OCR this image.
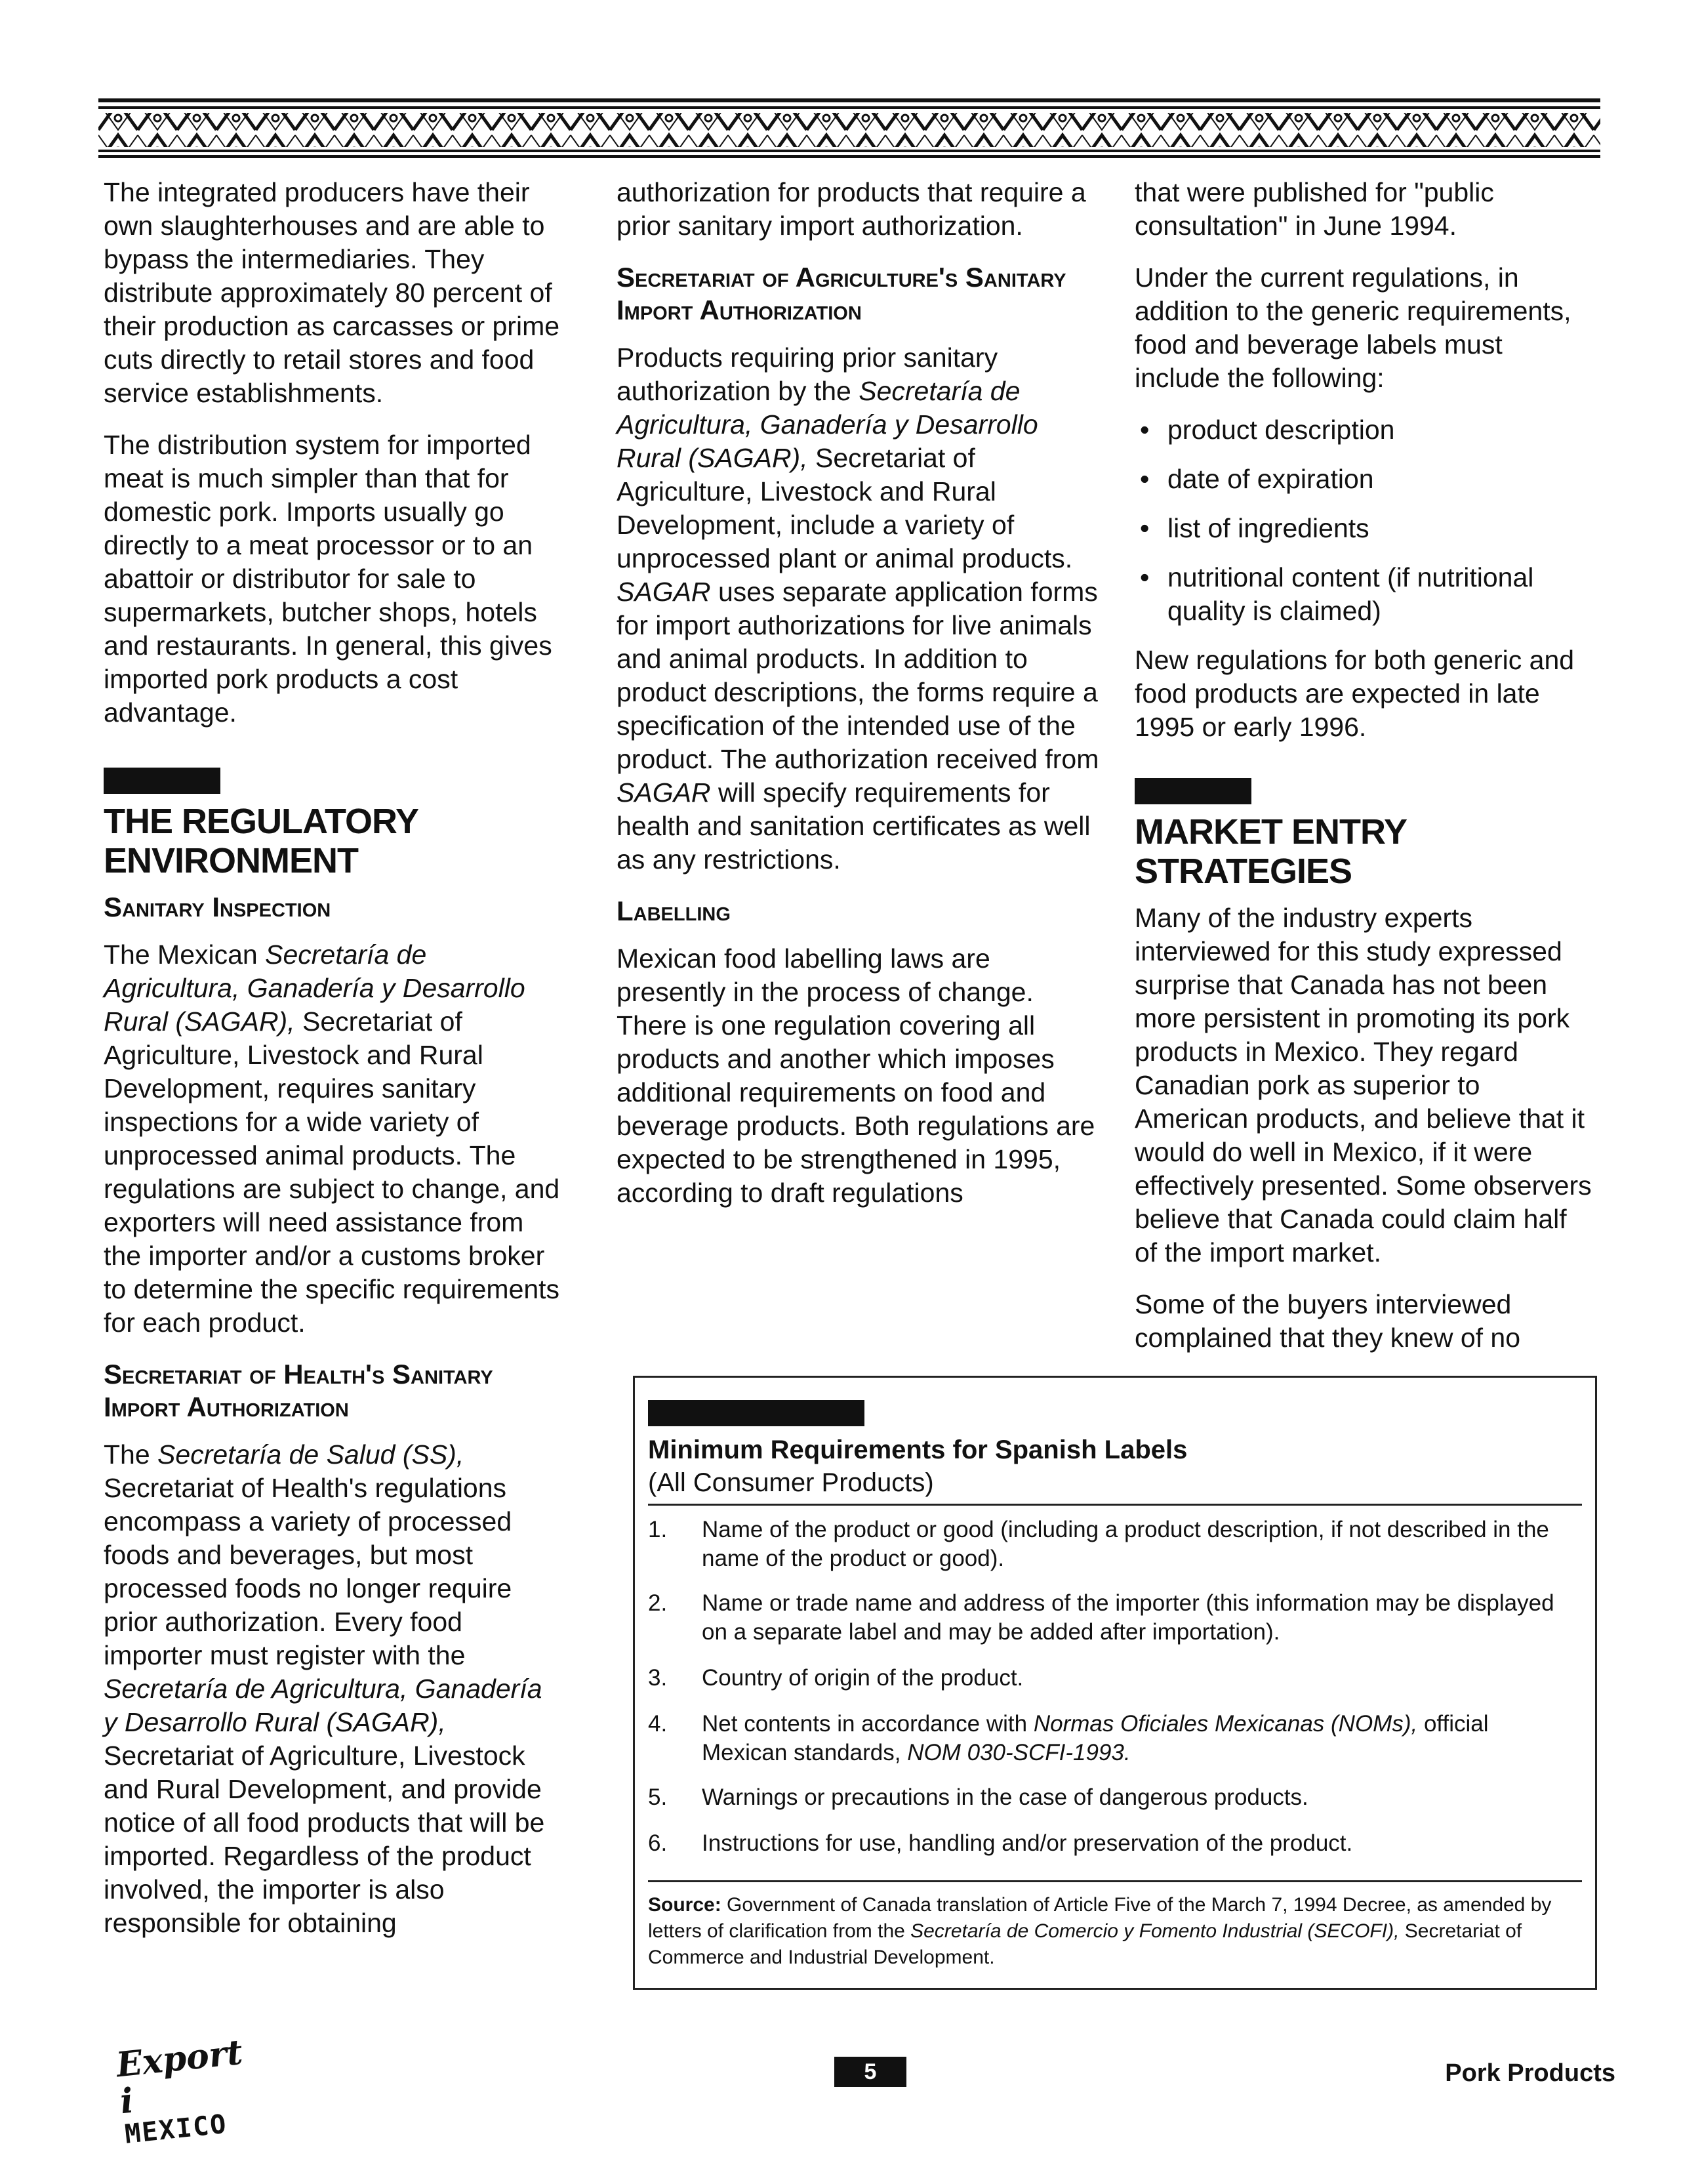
The integrated producers have their own slaughterhouses and are able to bypass the intermediaries. They distribute approximately 80 percent of their production as carcasses or prime cuts directly to retail stores and food service establishments.

The distribution system for imported meat is much simpler than that for domestic pork. Imports usually go directly to a meat processor or to an abattoir or distributor for sale to supermarkets, butcher shops, hotels and restaurants. In general, this gives imported pork products a cost advantage.

THE REGULATORY ENVIRONMENT
Sanitary Inspection

The Mexican Secretaría de Agricultura, Ganadería y Desarrollo Rural (SAGAR), Secretariat of Agriculture, Livestock and Rural Development, requires sanitary inspections for a wide variety of unprocessed animal products. The regulations are subject to change, and exporters will need assistance from the importer and/or a customs broker to determine the specific requirements for each product.

Secretariat of Health's Sanitary Import Authorization

The Secretaría de Salud (SS), Secretariat of Health's regulations encompass a variety of processed foods and beverages, but most processed foods no longer require prior authorization. Every food importer must register with the Secretaría de Agricultura, Ganadería y Desarrollo Rural (SAGAR), Secretariat of Agriculture, Livestock and Rural Development, and provide notice of all food products that will be imported. Regardless of the product involved, the importer is also responsible for obtaining

authorization for products that require a prior sanitary import authorization.

Secretariat of Agriculture's Sanitary Import Authorization

Products requiring prior sanitary authorization by the Secretaría de Agricultura, Ganadería y Desarrollo Rural (SAGAR), Secretariat of Agriculture, Livestock and Rural Development, include a variety of unprocessed plant or animal products. SAGAR uses separate application forms for import authorizations for live animals and animal products. In addition to product descriptions, the forms require a specification of the intended use of the product. The authorization received from SAGAR will specify requirements for health and sanitation certificates as well as any restrictions.

Labelling

Mexican food labelling laws are presently in the process of change. There is one regulation covering all products and another which imposes additional requirements on food and beverage products. Both regulations are expected to be strengthened in 1995, according to draft regulations

that were published for "public consultation" in June 1994.

Under the current regulations, in addition to the generic requirements, food and beverage labels must include the following:

• product description
• date of expiration
• list of ingredients
• nutritional content (if nutritional quality is claimed)

New regulations for both generic and food products are expected in late 1995 or early 1996.

MARKET ENTRY STRATEGIES

Many of the industry experts interviewed for this study expressed surprise that Canada has not been more persistent in promoting its pork products in Mexico. They regard Canadian pork as superior to American products, and believe that it would do well in Mexico, if it were effectively presented. Some observers believe that Canada could claim half of the import market.

Some of the buyers interviewed complained that they knew of no

Minimum Requirements for Spanish Labels
(All Consumer Products)
1. Name of the product or good (including a product description, if not described in the name of the product or good).
2. Name or trade name and address of the importer (this information may be displayed on a separate label and may be added after importation).
3. Country of origin of the product.
4. Net contents in accordance with Normas Oficiales Mexicanas (NOMs), official Mexican standards, NOM 030-SCFI-1993.
5. Warnings or precautions in the case of dangerous products.
6. Instructions for use, handling and/or preservation of the product.
Source: Government of Canada translation of Article Five of the March 7, 1994 Decree, as amended by letters of clarification from the Secretaría de Comercio y Fomento Industrial (SECOFI), Secretariat of Commerce and Industrial Development.
Export i
MEXICO
5	Pork Products
